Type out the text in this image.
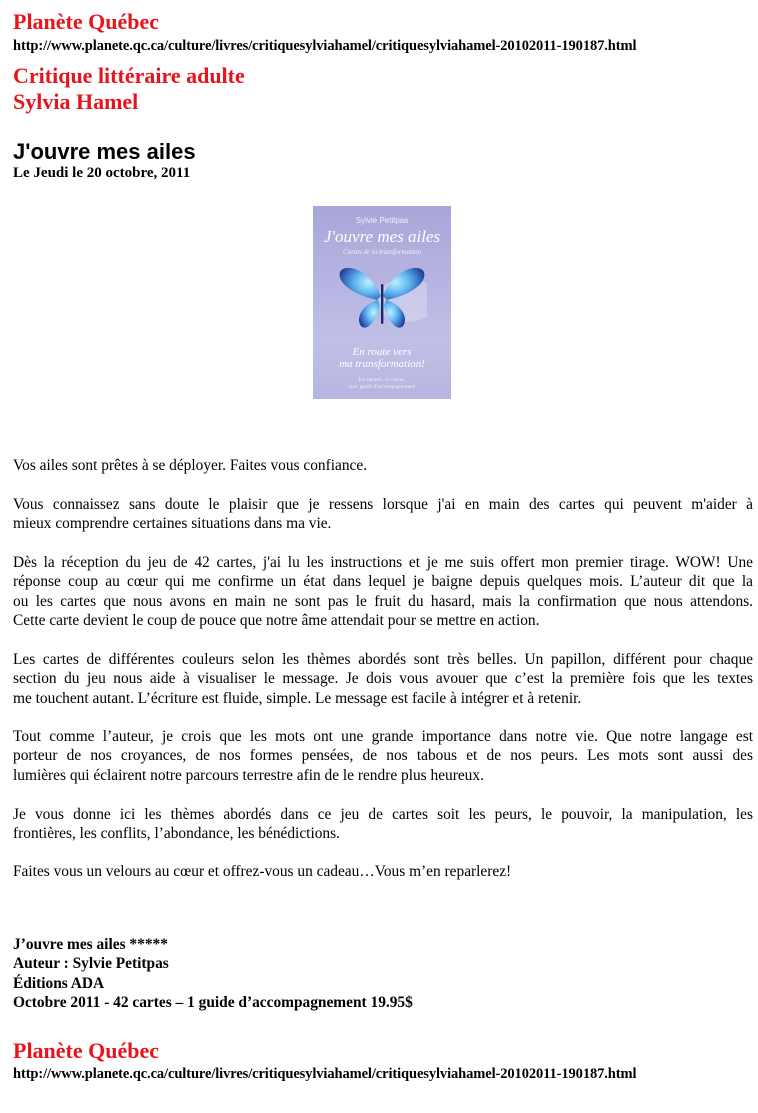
Planète Québec
http://www.planete.qc.ca/culture/livres/critiquesylviahamel/critiquesylviahamel-20102011-190187.html
Critique littéraire adulte
Sylvia Hamel
J'ouvre mes ailes
Le Jeudi le 20 octobre, 2011
Sylvie Petitpas
J'ouvre mes ailes
Cartes de la transformation
En route vers
ma transformation!
Un recueil, 42 cartes,
avec guide d'accompagnement
Vos ailes sont prêtes à se déployer. Faites vous confiance.
Vous connaissez sans doute le plaisir que je ressens lorsque j'ai en main des cartes qui peuvent m'aider à
mieux comprendre certaines situations dans ma vie.
Dès la réception du jeu de 42 cartes, j'ai lu les instructions et je me suis offert mon premier tirage. WOW! Une
réponse coup au cœur qui me confirme un état dans lequel je baigne depuis quelques mois. L’auteur dit que la
ou les cartes que nous avons en main ne sont pas le fruit du hasard, mais la confirmation que nous attendons.
Cette carte devient le coup de pouce que notre âme attendait pour se mettre en action.
Les cartes de différentes couleurs selon les thèmes abordés sont très belles. Un papillon, différent pour chaque
section du jeu nous aide à visualiser le message. Je dois vous avouer que c’est la première fois que les textes
me touchent autant. L’écriture est fluide, simple. Le message est facile à intégrer et à retenir.
Tout comme l’auteur, je crois que les mots ont une grande importance dans notre vie. Que notre langage est
porteur de nos croyances, de nos formes pensées, de nos tabous et de nos peurs. Les mots sont aussi des
lumières qui éclairent notre parcours terrestre afin de le rendre plus heureux.
Je vous donne ici les thèmes abordés dans ce jeu de cartes soit les peurs, le pouvoir, la manipulation, les
frontières, les conflits, l’abondance, les bénédictions.
Faites vous un velours au cœur et offrez-vous un cadeau…Vous m’en reparlerez!
J’ouvre mes ailes *****
Auteur : Sylvie Petitpas
Éditions ADA
Octobre 2011 - 42 cartes – 1 guide d’accompagnement 19.95$
Planète Québec
http://www.planete.qc.ca/culture/livres/critiquesylviahamel/critiquesylviahamel-20102011-190187.html
